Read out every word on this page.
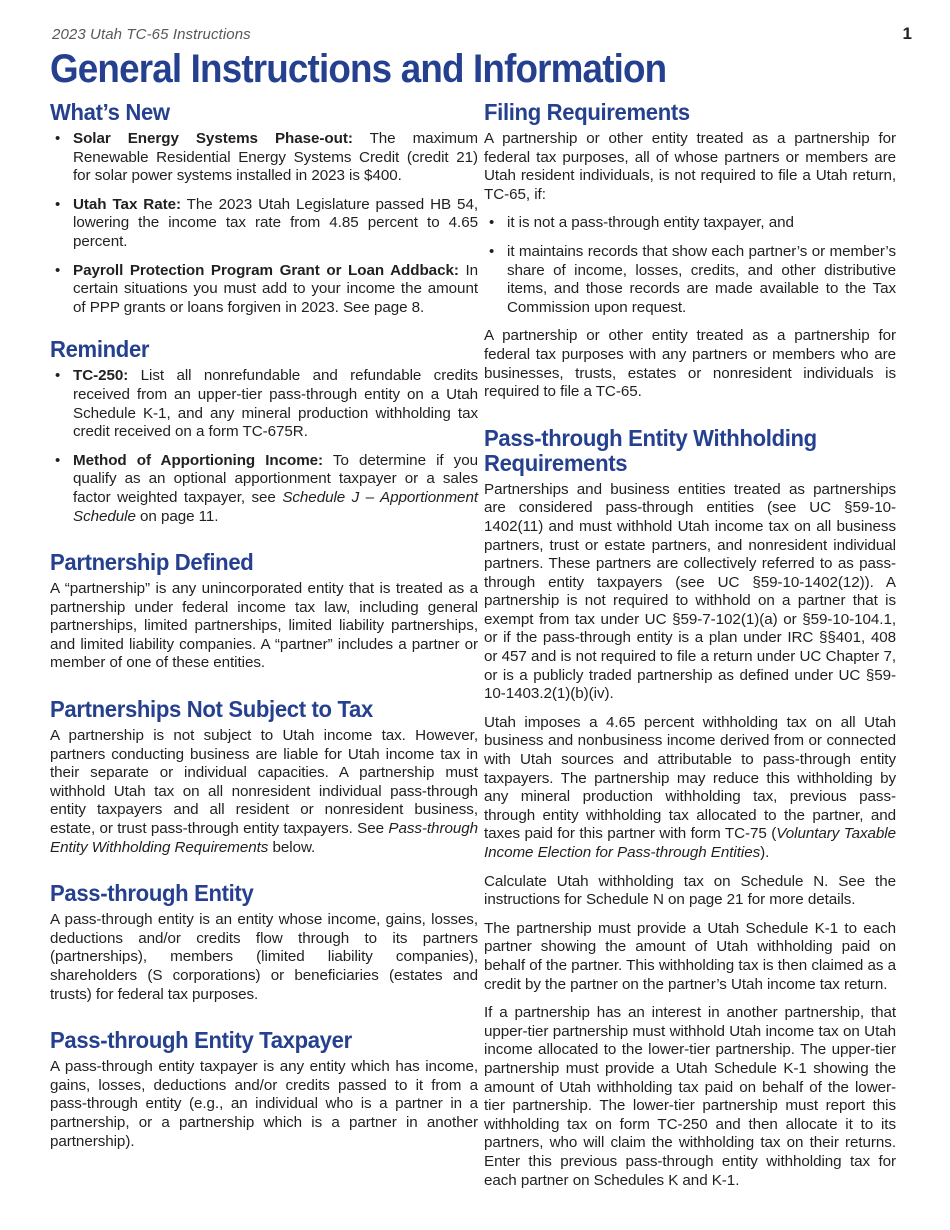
2023 Utah TC-65 Instructions	1
General Instructions and Information
What’s New
• Solar Energy Systems Phase-out: The maximum Renewable Residential Energy Systems Credit (credit 21) for solar power systems installed in 2023 is $400.
• Utah Tax Rate: The 2023 Utah Legislature passed HB 54, lowering the income tax rate from 4.85 percent to 4.65 percent.
• Payroll Protection Program Grant or Loan Addback: In certain situations you must add to your income the amount of PPP grants or loans forgiven in 2023. See page 8.
Reminder
• TC-250: List all nonrefundable and refundable credits received from an upper-tier pass-through entity on a Utah Schedule K-1, and any mineral production withholding tax credit received on a form TC-675R.
• Method of Apportioning Income: To determine if you qualify as an optional apportionment taxpayer or a sales factor weighted taxpayer, see Schedule J – Apportionment Schedule on page 11.
Partnership Defined

A “partnership” is any unincorporated entity that is treated as a partnership under federal income tax law, including general partnerships, limited partnerships, limited liability partnerships, and limited liability companies. A “partner” includes a partner or member of one of these entities.

Partnerships Not Subject to Tax

A partnership is not subject to Utah income tax. However, partners conducting business are liable for Utah income tax in their separate or individual capacities. A partnership must withhold Utah tax on all nonresident individual pass-through entity taxpayers and all resident or nonresident business, estate, or trust pass-through entity taxpayers. See Pass-through Entity Withholding Requirements below.

Pass-through Entity

A pass-through entity is an entity whose income, gains, losses, deductions and/or credits flow through to its partners (partnerships), members (limited liability companies), shareholders (S corporations) or beneficiaries (estates and trusts) for federal tax purposes.

Pass-through Entity Taxpayer

A pass-through entity taxpayer is any entity which has income, gains, losses, deductions and/or credits passed to it from a pass-through entity (e.g., an individual who is a partner in a partnership, or a partnership which is a partner in another partnership).

Filing Requirements

A partnership or other entity treated as a partnership for federal tax purposes, all of whose partners or members are Utah resident individuals, is not required to file a Utah return, TC-65, if:

• it is not a pass-through entity taxpayer, and
• it maintains records that show each partner’s or member’s share of income, losses, credits, and other distributive items, and those records are made available to the Tax Commission upon request.

A partnership or other entity treated as a partnership for federal tax purposes with any partners or members who are businesses, trusts, estates or nonresident individuals is required to file a TC-65.

Pass-through Entity Withholding Requirements

Partnerships and business entities treated as partnerships are considered pass-through entities (see UC §59-10-1402(11) and must withhold Utah income tax on all business partners, trust or estate partners, and nonresident individual partners. These partners are collectively referred to as pass-through entity taxpayers (see UC §59-10-1402(12)). A partnership is not required to withhold on a partner that is exempt from tax under UC §59-7-102(1)(a) or §59-10-104.1, or if the pass-through entity is a plan under IRC §§401, 408 or 457 and is not required to file a return under UC Chapter 7, or is a publicly traded partnership as defined under UC §59-10-1403.2(1)(b)(iv).

Utah imposes a 4.65 percent withholding tax on all Utah business and nonbusiness income derived from or connected with Utah sources and attributable to pass-through entity taxpayers. The partnership may reduce this withholding by any mineral production withholding tax, previous pass-through entity withholding tax allocated to the partner, and taxes paid for this partner with form TC-75 (Voluntary Taxable Income Election for Pass-through Entities).

Calculate Utah withholding tax on Schedule N. See the instructions for Schedule N on page 21 for more details.

The partnership must provide a Utah Schedule K-1 to each partner showing the amount of Utah withholding paid on behalf of the partner. This withholding tax is then claimed as a credit by the partner on the partner’s Utah income tax return.

If a partnership has an interest in another partnership, that upper-tier partnership must withhold Utah income tax on Utah income allocated to the lower-tier partnership. The upper-tier partnership must provide a Utah Schedule K-1 showing the amount of Utah withholding tax paid on behalf of the lower-tier partnership. The lower-tier partnership must report this withholding tax on form TC-250 and then allocate it to its partners, who will claim the withholding tax on their returns. Enter this previous pass-through entity withholding tax for each partner on Schedules K and K-1.
